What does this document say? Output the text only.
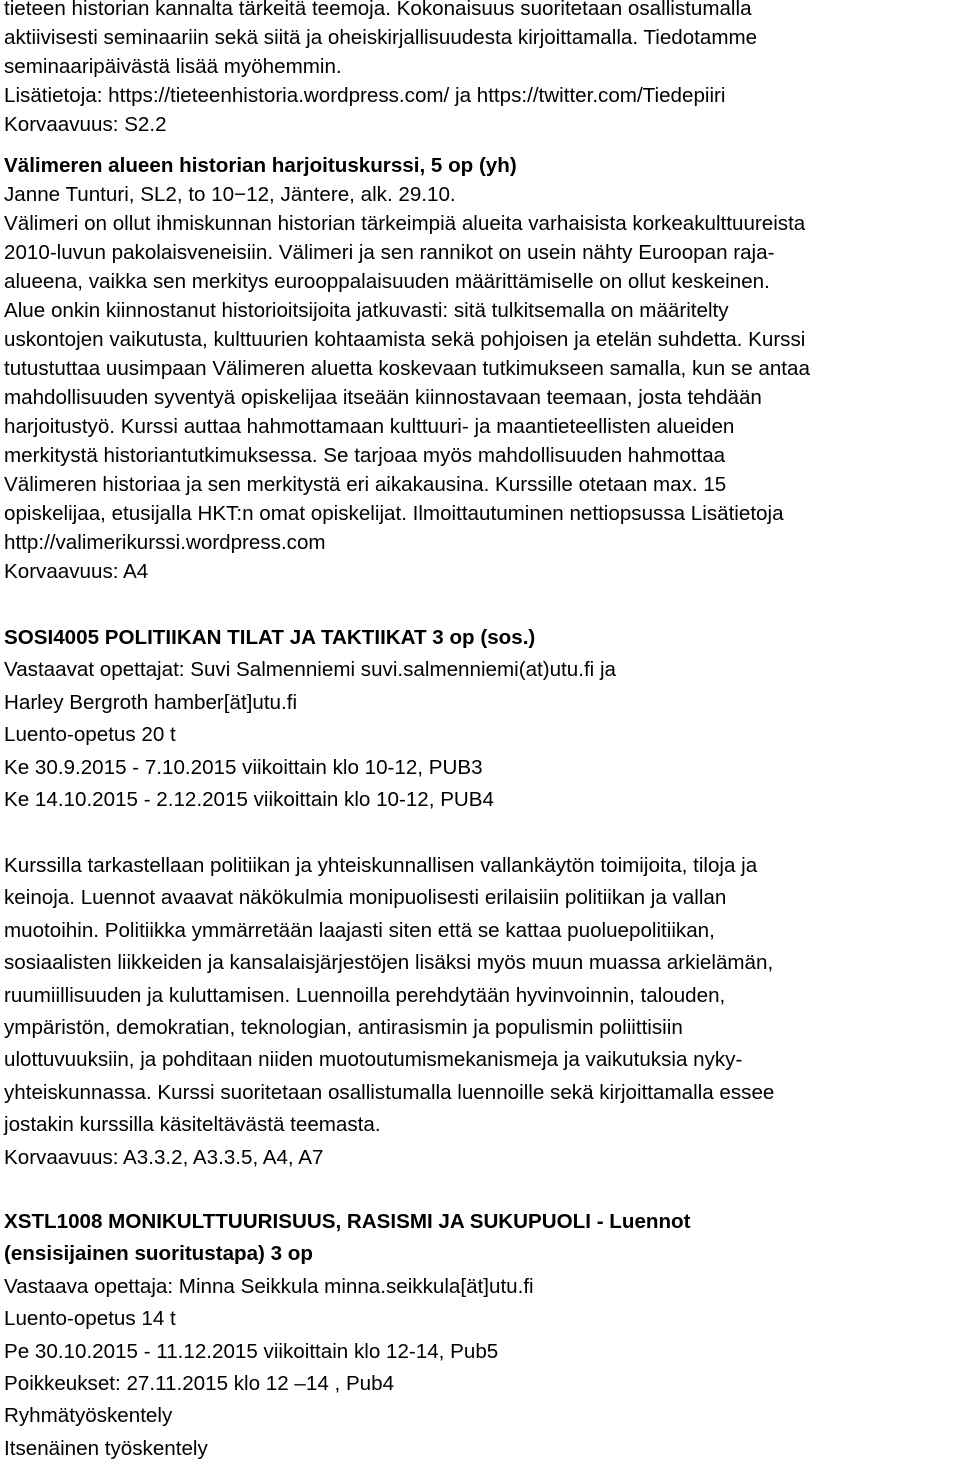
tieteen historian kannalta tärkeitä teemoja. Kokonaisuus suoritetaan osallistumalla

aktiivisesti seminaariin sekä siitä ja oheiskirjallisuudesta kirjoittamalla. Tiedotamme

seminaaripäivästä lisää myöhemmin.

Lisätietoja: https://tieteenhistoria.wordpress.com/ ja https://twitter.com/Tiedepiiri

Korvaavuus: S2.2

Välimeren alueen historian harjoituskurssi, 5 op (yh)

Janne Tunturi, SL2, to 10−12, Jäntere, alk. 29.10.

Välimeri on ollut ihmiskunnan historian tärkeimpiä alueita varhaisista korkeakulttuureista

2010-luvun pakolaisveneisiin. Välimeri ja sen rannikot on usein nähty Euroopan raja-

alueena, vaikka sen merkitys eurooppalaisuuden määrittämiselle on ollut keskeinen.

Alue onkin kiinnostanut historioitsijoita jatkuvasti: sitä tulkitsemalla on määritelty

uskontojen vaikutusta, kulttuurien kohtaamista sekä pohjoisen ja etelän suhdetta. Kurssi

tutustuttaa uusimpaan Välimeren aluetta koskevaan tutkimukseen samalla, kun se antaa

mahdollisuuden syventyä opiskelijaa itseään kiinnostavaan teemaan, josta tehdään

harjoitustyö. Kurssi auttaa hahmottamaan kulttuuri- ja maantieteellisten alueiden

merkitystä historiantutkimuksessa. Se tarjoaa myös mahdollisuuden hahmottaa

Välimeren historiaa ja sen merkitystä eri aikakausina. Kurssille otetaan max. 15

opiskelijaa, etusijalla HKT:n omat opiskelijat. Ilmoittautuminen nettiopsussa Lisätietoja

http://valimerikurssi.wordpress.com

Korvaavuus: A4

SOSI4005 POLITIIKAN TILAT JA TAKTIIKAT 3 op (sos.)

Vastaavat opettajat: Suvi Salmenniemi suvi.salmenniemi(at)utu.fi ja

Harley Bergroth hamber[ät]utu.fi

Luento-opetus 20 t

Ke 30.9.2015 - 7.10.2015 viikoittain klo 10-12, PUB3

Ke 14.10.2015 - 2.12.2015 viikoittain klo 10-12, PUB4

Kurssilla tarkastellaan politiikan ja yhteiskunnallisen vallankäytön toimijoita, tiloja ja

keinoja. Luennot avaavat näkökulmia monipuolisesti erilaisiin politiikan ja vallan

muotoihin. Politiikka ymmärretään laajasti siten että se kattaa puoluepolitiikan,

sosiaalisten liikkeiden ja kansalaisjärjestöjen lisäksi myös muun muassa arkielämän,

ruumiillisuuden ja kuluttamisen. Luennoilla perehdytään hyvinvoinnin, talouden,

ympäristön, demokratian, teknologian, antirasismin ja populismin poliittisiin

ulottuvuuksiin, ja pohditaan niiden muotoutumismekanismeja ja vaikutuksia nyky-

yhteiskunnassa. Kurssi suoritetaan osallistumalla luennoille sekä kirjoittamalla essee

jostakin kurssilla käsiteltävästä teemasta.

Korvaavuus: A3.3.2, A3.3.5, A4, A7

XSTL1008 MONIKULTTUURISUUS, RASISMI JA SUKUPUOLI - Luennot

(ensisijainen suoritustapa) 3 op

Vastaava opettaja: Minna Seikkula minna.seikkula[ät]utu.fi

Luento-opetus 14 t

Pe 30.10.2015 - 11.12.2015 viikoittain klo 12-14, Pub5

Poikkeukset: 27.11.2015 klo 12 –14 , Pub4

Ryhmätyöskentely

Itsenäinen työskentely
